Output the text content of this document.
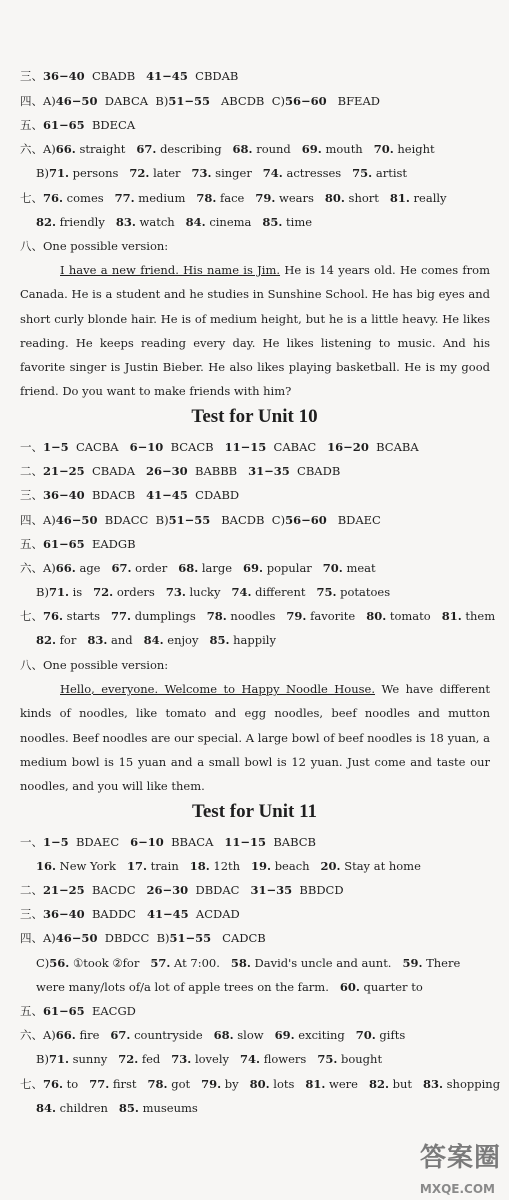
三、36−40 CBADB 41−45 CBDAB
四、A)46−50 DABCA B)51−55 ABCDB C)56−60 BFEAD
五、61−65 BDECA
六、A)66. straight 67. describing 68. round 69. mouth 70. height
B)71. persons 72. later 73. singer 74. actresses 75. artist
七、76. comes 77. medium 78. face 79. wears 80. short 81. really
82. friendly 83. watch 84. cinema 85. time
八、One possible version:
I have a new friend. His name is Jim. He is 14 years old. He comes from Canada. He is a student and he studies in Sunshine School. He has big eyes and short curly blonde hair. He is of medium height, but he is a little heavy. He likes reading. He keeps reading every day. He likes listening to music. And his favorite singer is Justin Bieber. He also likes playing basketball. He is my good friend. Do you want to make friends with him?
Test for Unit 10
一、1−5 CACBA 6−10 BCACB 11−15 CABAC 16−20 BCABA
二、21−25 CBADA 26−30 BABBB 31−35 CBADB
三、36−40 BDACB 41−45 CDABD
四、A)46−50 BDACC B)51−55 BACDB C)56−60 BDAEC
五、61−65 EADGB
六、A)66. age 67. order 68. large 69. popular 70. meat
B)71. is 72. orders 73. lucky 74. different 75. potatoes
七、76. starts 77. dumplings 78. noodles 79. favorite 80. tomato 81. them
82. for 83. and 84. enjoy 85. happily
八、One possible version:
Hello, everyone. Welcome to Happy Noodle House. We have different kinds of noodles, like tomato and egg noodles, beef noodles and mutton noodles. Beef noodles are our special. A large bowl of beef noodles is 18 yuan, a medium bowl is 15 yuan and a small bowl is 12 yuan. Just come and taste our noodles, and you will like them.
Test for Unit 11
一、1−5 BDAEC 6−10 BBACA 11−15 BABCB
16. New York 17. train 18. 12th 19. beach 20. Stay at home
二、21−25 BACDC 26−30 DBDAC 31−35 BBDCD
三、36−40 BADDC 41−45 ACDAD
四、A)46−50 DBDCC B)51−55 CADCB
C)56. ①took ②for 57. At 7:00. 58. David's uncle and aunt. 59. There
were many/lots of/a lot of apple trees on the farm. 60. quarter to
五、61−65 EACGD
六、A)66. fire 67. countryside 68. slow 69. exciting 70. gifts
B)71. sunny 72. fed 73. lovely 74. flowers 75. bought
七、76. to 77. first 78. got 79. by 80. lots 81. were 82. but 83. shopping
84. children 85. museums
答案圈
MXQE.COM
